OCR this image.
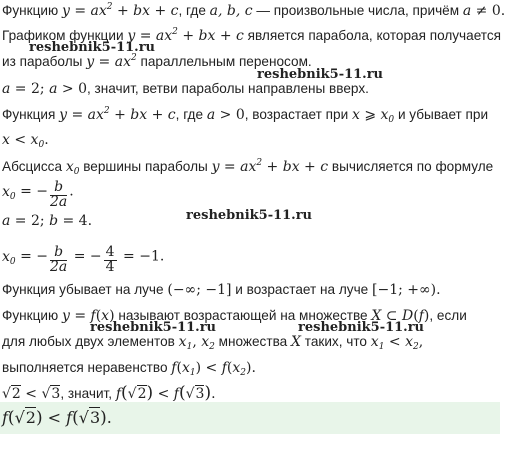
Функцию $y = ax^2$ + bx + c, где a, b, c — произвольные числа, причём a ≠ 0.
Графиком функции $y = ax^2$ + bx + c является парабола, которая получается
reshebnik5-11.ru
из параболы $y = ax^2$ параллельным переносом.
reshebnik5-11.ru
a = 2; a > 0, значит, ветви параболы направлены вверх.
Функция $y = ax^2$ + bx + c, где a > 0, возрастает при x ⩾ $x_0$ и убывает при
$x < x_0$.
Абсцисса $x_0$ вершины параболы $y = ax^2$ + bx + c вычисляется по формуле
$x_0$ = − $\frac{b}{2a}$ .
a = 2; b = 4.	reshebnik5-11.ru
$x_0$ = − $\frac{b}{2a}$ = − $\frac{4}{4} = -1$.
Функция убывает на луче (−∞; −1] и возрастает на луче [−1; +∞).
Функцию y = f(x) называют возрастающей на множестве X ⊂ D(f), если
reshebnik5-11.ru	reshebnik5-11.ru
для любых двух элементов $x_1$, $x_2$ множества X таких, что $x_1 < x_2$,
выполняется неравенство $f(x_1) < f(x_2)$.
√2 < √3, значит, f(√2) < f(√3).
f(√2) < f(√3).
